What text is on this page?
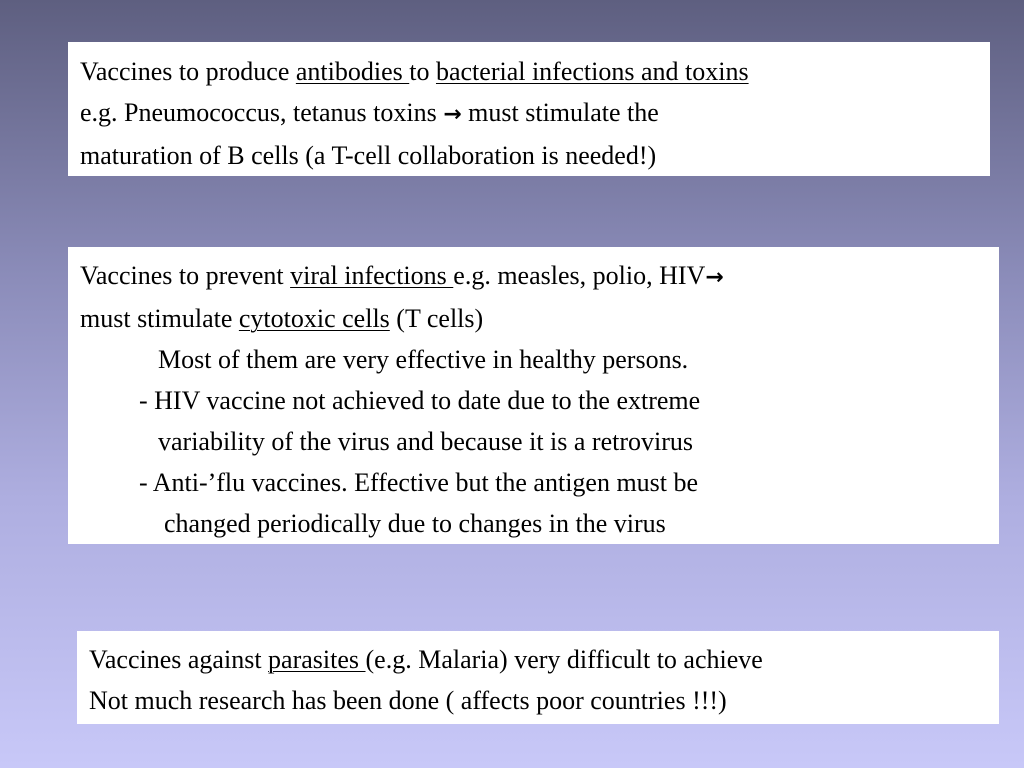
Vaccines to produce antibodies to bacterial infections and toxins
e.g. Pneumococcus, tetanus toxins → must stimulate the
maturation of B cells (a T-cell collaboration is needed!)
Vaccines to prevent viral infections e.g. measles, polio, HIV→
must stimulate cytotoxic cells (T cells)
Most of them are very effective in healthy persons.
- HIV vaccine not achieved to date due to the extreme
variability of the virus and because it is a retrovirus
- Anti-’flu vaccines. Effective but the antigen must be
changed periodically due to changes in the virus
Vaccines against parasites (e.g. Malaria) very difficult to achieve
Not much research has been done ( affects poor countries !!!)
